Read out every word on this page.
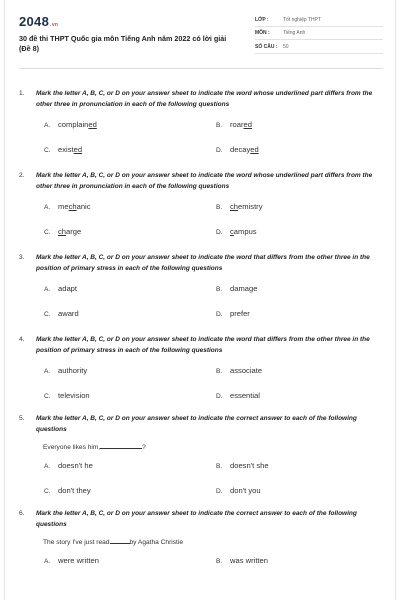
2048 .vn
30 đề thi THPT Quốc gia môn Tiếng Anh năm 2022 có lời giải (Đề 8)
LỚP :	Tốt nghiệp THPT
MÔN :	Tiếng Anh
SỐ CÂU :	50
1.	Mark the letter A, B, C, or D on your answer sheet to indicate the word whose underlined part differs from the other three in pronunciation in each of the following questions
A.	complained	B.	roared
C. existed	D. decayed
2.	Mark the letter A, B, C, or D on your answer sheet to indicate the word whose underlined part differs from the other three in pronunciation in each of the following questions
A.	mechanic	B.	chemistry
C. charge	D. campus
3.	Mark the letter A, B, C, or D on your answer sheet to indicate the word that differs from the other three in the position of primary stress in each of the following questions
A.	adapt	B.	damage
C. award	D. prefer
4.	Mark the letter A, B, C, or D on your answer sheet to indicate the word that differs from the other three in the position of primary stress in each of the following questions
A.	authority	B.	associate
C. television	D. essential
5.	Mark the letter A, B, C, or D on your answer sheet to indicate the correct answer to each of the following questions
Everyone likes him,	?
A.	doesn't he	B.	doesn't she
C. don't they	D. don't you
6.	Mark the letter A, B, C, or D on your answer sheet to indicate the correct answer to each of the following questions
The story I've just read	by Agatha Christie
A.	were written	B.	was written
